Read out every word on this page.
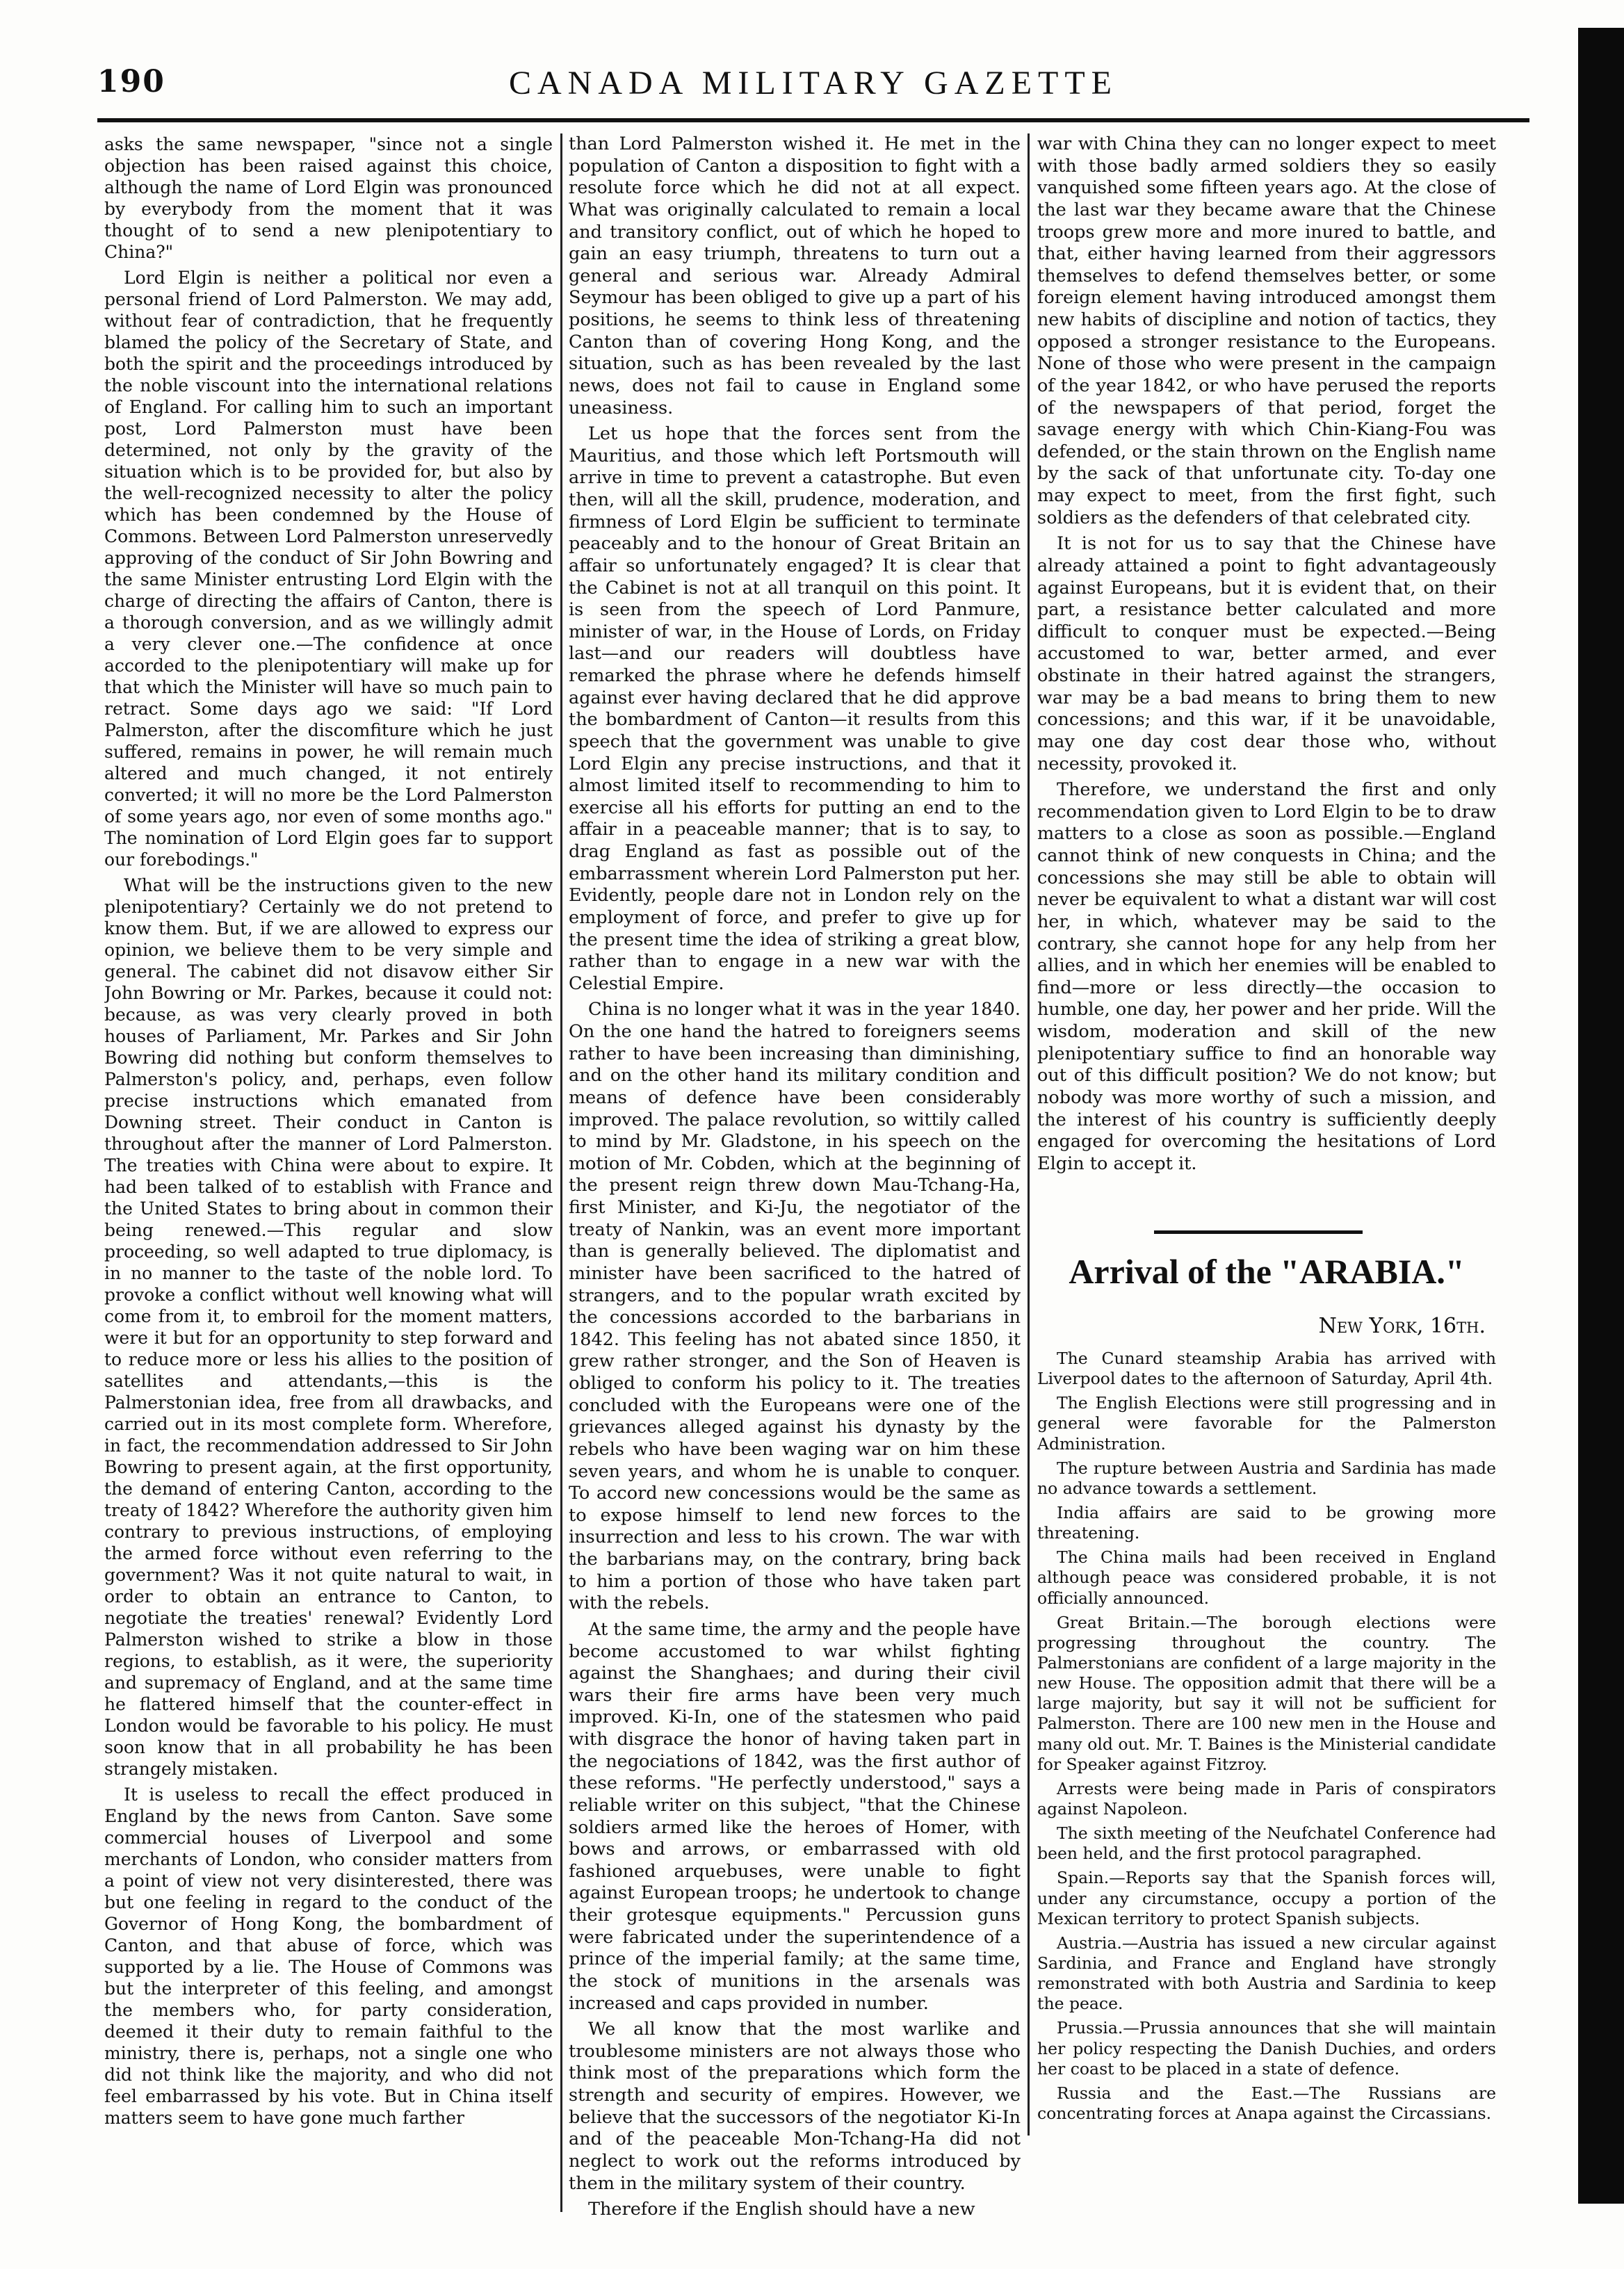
190	CANADA MILITARY GAZETTE

asks the same newspaper, "since not a single objection has been raised against this choice, although the name of Lord Elgin was pronounced by everybody from the moment that it was thought of to send a new plenipotentiary to China?"

Lord Elgin is neither a political nor even a personal friend of Lord Palmerston. We may add, without fear of contradiction, that he frequently blamed the policy of the Secretary of State, and both the spirit and the proceedings introduced by the noble viscount into the international relations of England. For calling him to such an important post, Lord Palmerston must have been determined, not only by the gravity of the situation which is to be provided for, but also by the well-recognized necessity to alter the policy which has been condemned by the House of Commons. Between Lord Palmerston unreservedly approving of the conduct of Sir John Bowring and the same Minister entrusting Lord Elgin with the charge of directing the affairs of Canton, there is a thorough conversion, and as we willingly admit a very clever one.—The confidence at once accorded to the plenipotentiary will make up for that which the Minister will have so much pain to retract. Some days ago we said: "If Lord Palmerston, after the discomfiture which he just suffered, remains in power, he will remain much altered and much changed, it not entirely converted; it will no more be the Lord Palmerston of some years ago, nor even of some months ago." The nomination of Lord Elgin goes far to support our forebodings."

What will be the instructions given to the new plenipotentiary? Certainly we do not pretend to know them. But, if we are allowed to express our opinion, we believe them to be very simple and general. The cabinet did not disavow either Sir John Bowring or Mr. Parkes, because it could not: because, as was very clearly proved in both houses of Parliament, Mr. Parkes and Sir John Bowring did nothing but conform themselves to Palmerston's policy, and, perhaps, even follow precise instructions which emanated from Downing street. Their conduct in Canton is throughout after the manner of Lord Palmerston. The treaties with China were about to expire. It had been talked of to establish with France and the United States to bring about in common their being renewed.—This regular and slow proceeding, so well adapted to true diplomacy, is in no manner to the taste of the noble lord. To provoke a conflict without well knowing what will come from it, to embroil for the moment matters, were it but for an opportunity to step forward and to reduce more or less his allies to the position of satellites and attendants,—this is the Palmerstonian idea, free from all drawbacks, and carried out in its most complete form. Wherefore, in fact, the recommendation addressed to Sir John Bowring to present again, at the first opportunity, the demand of entering Canton, according to the treaty of 1842? Wherefore the authority given him contrary to previous instructions, of employing the armed force without even referring to the government? Was it not quite natural to wait, in order to obtain an entrance to Canton, to negotiate the treaties' renewal? Evidently Lord Palmerston wished to strike a blow in those regions, to establish, as it were, the superiority and supremacy of England, and at the same time he flattered himself that the counter-effect in London would be favorable to his policy. He must soon know that in all probability he has been strangely mistaken.

It is useless to recall the effect produced in England by the news from Canton. Save some commercial houses of Liverpool and some merchants of London, who consider matters from a point of view not very disinterested, there was but one feeling in regard to the conduct of the Governor of Hong Kong, the bombardment of Canton, and that abuse of force, which was supported by a lie. The House of Commons was but the interpreter of this feeling, and amongst the members who, for party consideration, deemed it their duty to remain faithful to the ministry, there is, perhaps, not a single one who did not think like the majority, and who did not feel embarrassed by his vote. But in China itself matters seem to have gone much farther

than Lord Palmerston wished it. He met in the population of Canton a disposition to fight with a resolute force which he did not at all expect. What was originally calculated to remain a local and transitory conflict, out of which he hoped to gain an easy triumph, threatens to turn out a general and serious war. Already Admiral Seymour has been obliged to give up a part of his positions, he seems to think less of threatening Canton than of covering Hong Kong, and the situation, such as has been revealed by the last news, does not fail to cause in England some uneasiness.

Let us hope that the forces sent from the Mauritius, and those which left Portsmouth will arrive in time to prevent a catastrophe. But even then, will all the skill, prudence, moderation, and firmness of Lord Elgin be sufficient to terminate peaceably and to the honour of Great Britain an affair so unfortunately engaged? It is clear that the Cabinet is not at all tranquil on this point. It is seen from the speech of Lord Panmure, minister of war, in the House of Lords, on Friday last—and our readers will doubtless have remarked the phrase where he defends himself against ever having declared that he did approve the bombardment of Canton—it results from this speech that the government was unable to give Lord Elgin any precise instructions, and that it almost limited itself to recommending to him to exercise all his efforts for putting an end to the affair in a peaceable manner; that is to say, to drag England as fast as possible out of the embarrassment wherein Lord Palmerston put her. Evidently, people dare not in London rely on the employment of force, and prefer to give up for the present time the idea of striking a great blow, rather than to engage in a new war with the Celestial Empire.

China is no longer what it was in the year 1840. On the one hand the hatred to foreigners seems rather to have been increasing than diminishing, and on the other hand its military condition and means of defence have been considerably improved. The palace revolution, so wittily called to mind by Mr. Gladstone, in his speech on the motion of Mr. Cobden, which at the beginning of the present reign threw down Mau-Tchang-Ha, first Minister, and Ki-Ju, the negotiator of the treaty of Nankin, was an event more important than is generally believed. The diplomatist and minister have been sacrificed to the hatred of strangers, and to the popular wrath excited by the concessions accorded to the barbarians in 1842. This feeling has not abated since 1850, it grew rather stronger, and the Son of Heaven is obliged to conform his policy to it. The treaties concluded with the Europeans were one of the grievances alleged against his dynasty by the rebels who have been waging war on him these seven years, and whom he is unable to conquer. To accord new concessions would be the same as to expose himself to lend new forces to the insurrection and less to his crown. The war with the barbarians may, on the contrary, bring back to him a portion of those who have taken part with the rebels.

At the same time, the army and the people have become accustomed to war whilst fighting against the Shanghaes; and during their civil wars their fire arms have been very much improved. Ki-In, one of the statesmen who paid with disgrace the honor of having taken part in the negociations of 1842, was the first author of these reforms. "He perfectly understood," says a reliable writer on this subject, "that the Chinese soldiers armed like the heroes of Homer, with bows and arrows, or embarrassed with old fashioned arquebuses, were unable to fight against European troops; he undertook to change their grotesque equipments." Percussion guns were fabricated under the superintendence of a prince of the imperial family; at the same time, the stock of munitions in the arsenals was increased and caps provided in number.

We all know that the most warlike and troublesome ministers are not always those who think most of the preparations which form the strength and security of empires. However, we believe that the successors of the negotiator Ki-In and of the peaceable Mon-Tchang-Ha did not neglect to work out the reforms introduced by them in the military system of their country.

Therefore if the English should have a new

war with China they can no longer expect to meet with those badly armed soldiers they so easily vanquished some fifteen years ago. At the close of the last war they became aware that the Chinese troops grew more and more inured to battle, and that, either having learned from their aggressors themselves to defend themselves better, or some foreign element having introduced amongst them new habits of discipline and notion of tactics, they opposed a stronger resistance to the Europeans. None of those who were present in the campaign of the year 1842, or who have perused the reports of the newspapers of that period, forget the savage energy with which Chin-Kiang-Fou was defended, or the stain thrown on the English name by the sack of that unfortunate city. To-day one may expect to meet, from the first fight, such soldiers as the defenders of that celebrated city.

It is not for us to say that the Chinese have already attained a point to fight advantageously against Europeans, but it is evident that, on their part, a resistance better calculated and more difficult to conquer must be expected.—Being accustomed to war, better armed, and ever obstinate in their hatred against the strangers, war may be a bad means to bring them to new concessions; and this war, if it be unavoidable, may one day cost dear those who, without necessity, provoked it.

Therefore, we understand the first and only recommendation given to Lord Elgin to be to draw matters to a close as soon as possible.—England cannot think of new conquests in China; and the concessions she may still be able to obtain will never be equivalent to what a distant war will cost her, in which, whatever may be said to the contrary, she cannot hope for any help from her allies, and in which her enemies will be enabled to find—more or less directly—the occasion to humble, one day, her power and her pride. Will the wisdom, moderation and skill of the new plenipotentiary suffice to find an honorable way out of this difficult position? We do not know; but nobody was more worthy of such a mission, and the interest of his country is sufficiently deeply engaged for overcoming the hesitations of Lord Elgin to accept it.

Arrival of the "ARABIA."
New York, 16th.

The Cunard steamship Arabia has arrived with Liverpool dates to the afternoon of Saturday, April 4th.

The English Elections were still progressing and in general were favorable for the Palmerston Administration.

The rupture between Austria and Sardinia has made no advance towards a settlement.

India affairs are said to be growing more threatening.

The China mails had been received in England although peace was considered probable, it is not officially announced.

Great Britain.—The borough elections were progressing throughout the country. The Palmerstonians are confident of a large majority in the new House. The opposition admit that there will be a large majority, but say it will not be sufficient for Palmerston. There are 100 new men in the House and many old out. Mr. T. Baines is the Ministerial candidate for Speaker against Fitzroy.

Arrests were being made in Paris of conspirators against Napoleon.

The sixth meeting of the Neufchatel Conference had been held, and the first protocol paragraphed.

Spain.—Reports say that the Spanish forces will, under any circumstance, occupy a portion of the Mexican territory to protect Spanish subjects.

Austria.—Austria has issued a new circular against Sardinia, and France and England have strongly remonstrated with both Austria and Sardinia to keep the peace.

Prussia.—Prussia announces that she will maintain her policy respecting the Danish Duchies, and orders her coast to be placed in a state of defence.

Russia and the East.—The Russians are concentrating forces at Anapa against the Circassians.
